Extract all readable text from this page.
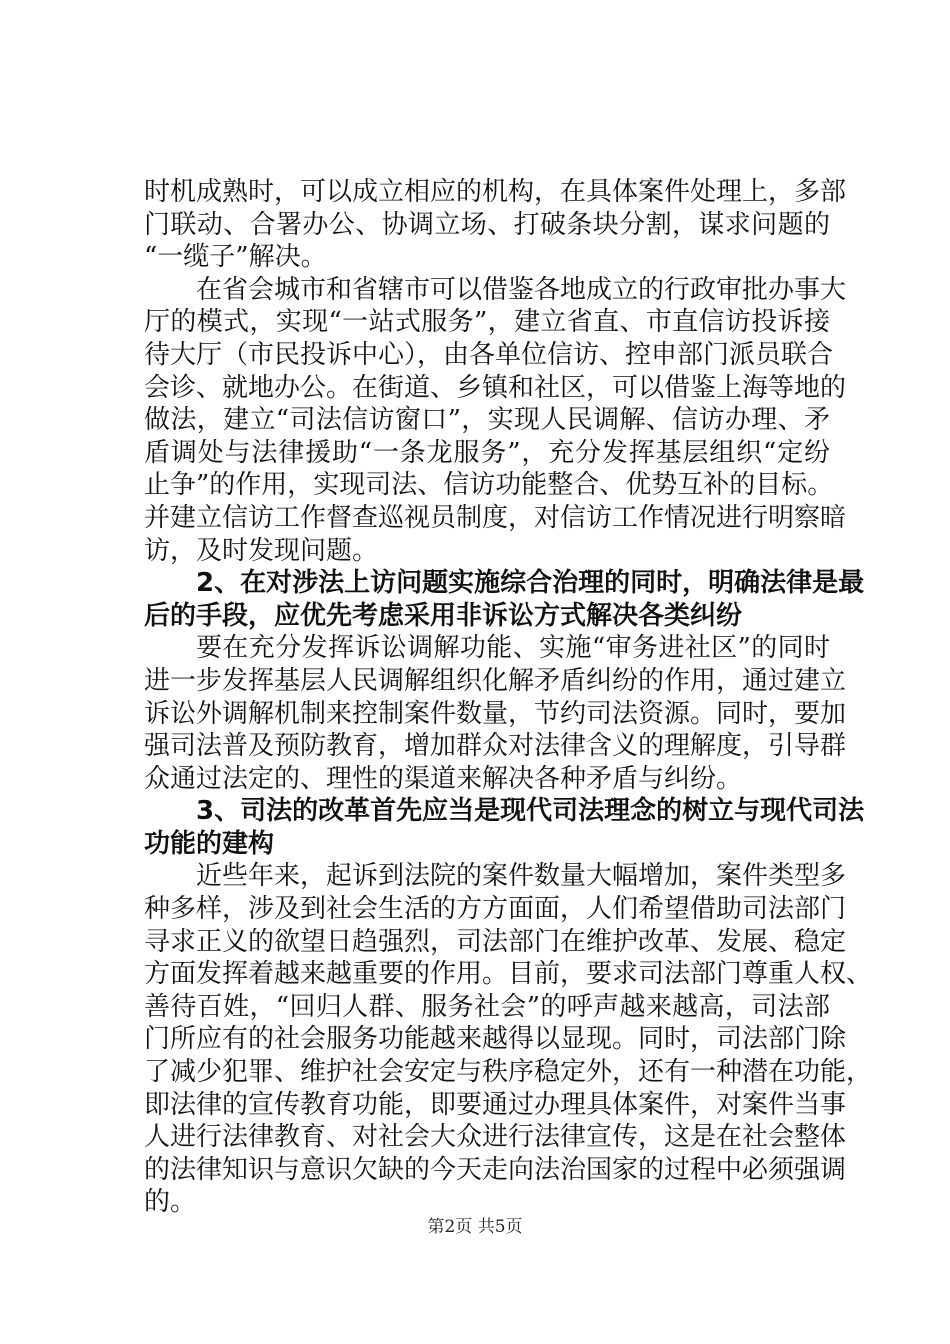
时机成熟时，可以成立相应的机构，在具体案件处理上，多部
门联动、合署办公、协调立场、打破条块分割，谋求问题的
“一缆子”解决。
在省会城市和省辖市可以借鉴各地成立的行政审批办事大
厅的模式，实现“一站式服务”，建立省直、市直信访投诉接
待大厅（市民投诉中心），由各单位信访、控申部门派员联合
会诊、就地办公。在街道、乡镇和社区，可以借鉴上海等地的
做法，建立“司法信访窗口”，实现人民调解、信访办理、矛
盾调处与法律援助“一条龙服务”，充分发挥基层组织“定纷
止争”的作用，实现司法、信访功能整合、优势互补的目标。
并建立信访工作督查巡视员制度，对信访工作情况进行明察暗
访，及时发现问题。
2、在对涉法上访问题实施综合治理的同时，明确法律是最
后的手段，应优先考虑采用非诉讼方式解决各类纠纷
要在充分发挥诉讼调解功能、实施“审务进社区”的同时
进一步发挥基层人民调解组织化解矛盾纠纷的作用，通过建立
诉讼外调解机制来控制案件数量，节约司法资源。同时，要加
强司法普及预防教育，增加群众对法律含义的理解度，引导群
众通过法定的、理性的渠道来解决各种矛盾与纠纷。
3、司法的改革首先应当是现代司法理念的树立与现代司法
功能的建构
近些年来，起诉到法院的案件数量大幅增加，案件类型多
种多样，涉及到社会生活的方方面面，人们希望借助司法部门
寻求正义的欲望日趋强烈，司法部门在维护改革、发展、稳定
方面发挥着越来越重要的作用。目前，要求司法部门尊重人权、
善待百姓，“回归人群、服务社会”的呼声越来越高，司法部
门所应有的社会服务功能越来越得以显现。同时，司法部门除
了减少犯罪、维护社会安定与秩序稳定外，还有一种潜在功能，
即法律的宣传教育功能，即要通过办理具体案件，对案件当事
人进行法律教育、对社会大众进行法律宣传，这是在社会整体
的法律知识与意识欠缺的今天走向法治国家的过程中必须强调
的。
第2页 共5页
